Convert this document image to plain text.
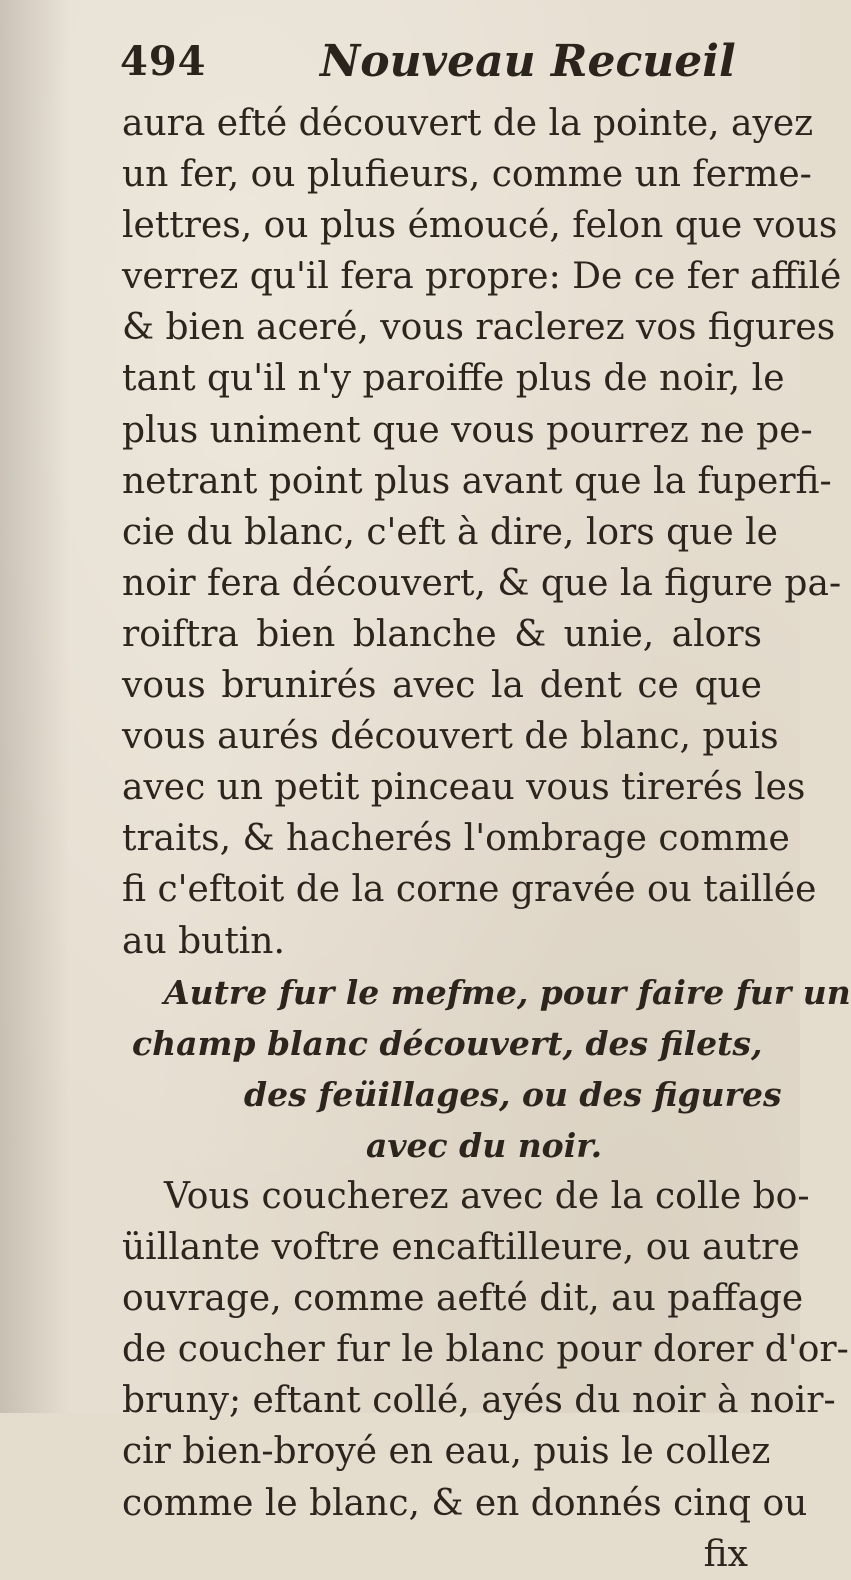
494	Nouveau Recueil
aura efté découvert de la pointe, ayez
un fer, ou plufieurs, comme un ferme-
lettres, ou plus émoucé, felon que vous
verrez qu'il fera propre: De ce fer affilé
& bien aceré, vous raclerez vos figures
tant qu'il n'y paroiffe plus de noir, le
plus uniment que vous pourrez ne pe-
netrant point plus avant que la fuperfi-
cie du blanc, c'eft à dire, lors que le
noir fera découvert, & que la figure pa-
roiftra bien blanche & unie, alors
vous brunirés avec la dent ce que
vous aurés découvert de blanc, puis
avec un petit pinceau vous tirerés les
traits, & hacherés l'ombrage comme
fi c'eftoit de la corne gravée ou taillée
au butin.
Autre fur le mefme, pour faire fur un
champ blanc découvert, des filets,
des feüillages, ou des figures
avec du noir.
Vous coucherez avec de la colle bo-
üillante voftre encaftilleure, ou autre
ouvrage, comme aefté dit, au paffage
de coucher fur le blanc pour dorer d'or-
bruny; eftant collé, ayés du noir à noir-
cir bien-broyé en eau, puis le collez
comme le blanc, & en donnés cinq ou
fix
